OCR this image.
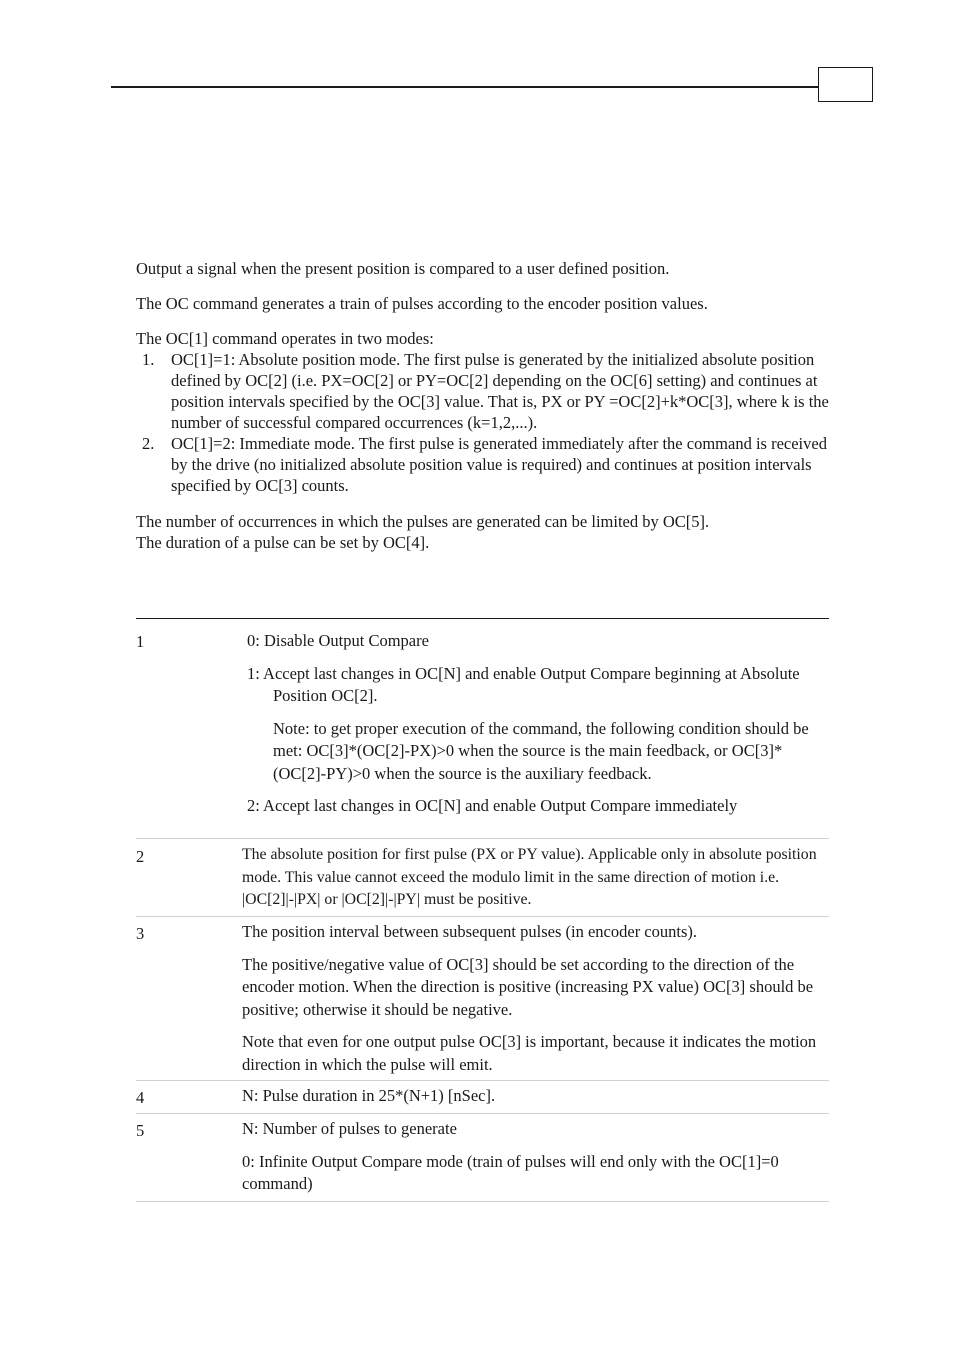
Output a signal when the present position is compared to a user defined position.

The OC command generates a train of pulses according to the encoder position values.

The OC[1] command operates in two modes:

1. OC[1]=1: Absolute position mode. The first pulse is generated by the initialized absolute position defined by OC[2] (i.e. PX=OC[2] or PY=OC[2] depending on the OC[6] setting) and continues at position intervals specified by the OC[3] value. That is, PX or PY =OC[2]+k*OC[3], where k is the number of successful compared occurrences (k=1,2,...).
2. OC[1]=2: Immediate mode. The first pulse is generated immediately after the command is received by the drive (no initialized absolute position value is required) and continues at position intervals specified by OC[3] counts.

The number of occurrences in which the pulses are generated can be limited by OC[5].

The duration of a pulse can be set by OC[4].

1	0: Disable Output Compare

1: Accept last changes in OC[N] and enable Output Compare beginning at Absolute Position OC[2].

Note: to get proper execution of the command, the following condition should be met: OC[3]*(OC[2]-PX)>0 when the source is the main feedback, or OC[3]*(OC[2]-PY)>0 when the source is the auxiliary feedback.

2: Accept last changes in OC[N] and enable Output Compare immediately

2	The absolute position for first pulse (PX or PY value). Applicable only in absolute position mode. This value cannot exceed the modulo limit in the same direction of motion i.e. |OC[2]|-|PX| or |OC[2]|-|PY| must be positive.

3	The position interval between subsequent pulses (in encoder counts).

The positive/negative value of OC[3] should be set according to the direction of the encoder motion. When the direction is positive (increasing PX value) OC[3] should be positive; otherwise it should be negative.

Note that even for one output pulse OC[3] is important, because it indicates the motion direction in which the pulse will emit.

4	N: Pulse duration in 25*(N+1) [nSec].

5	N: Number of pulses to generate

0: Infinite Output Compare mode (train of pulses will end only with the OC[1]=0 command)
